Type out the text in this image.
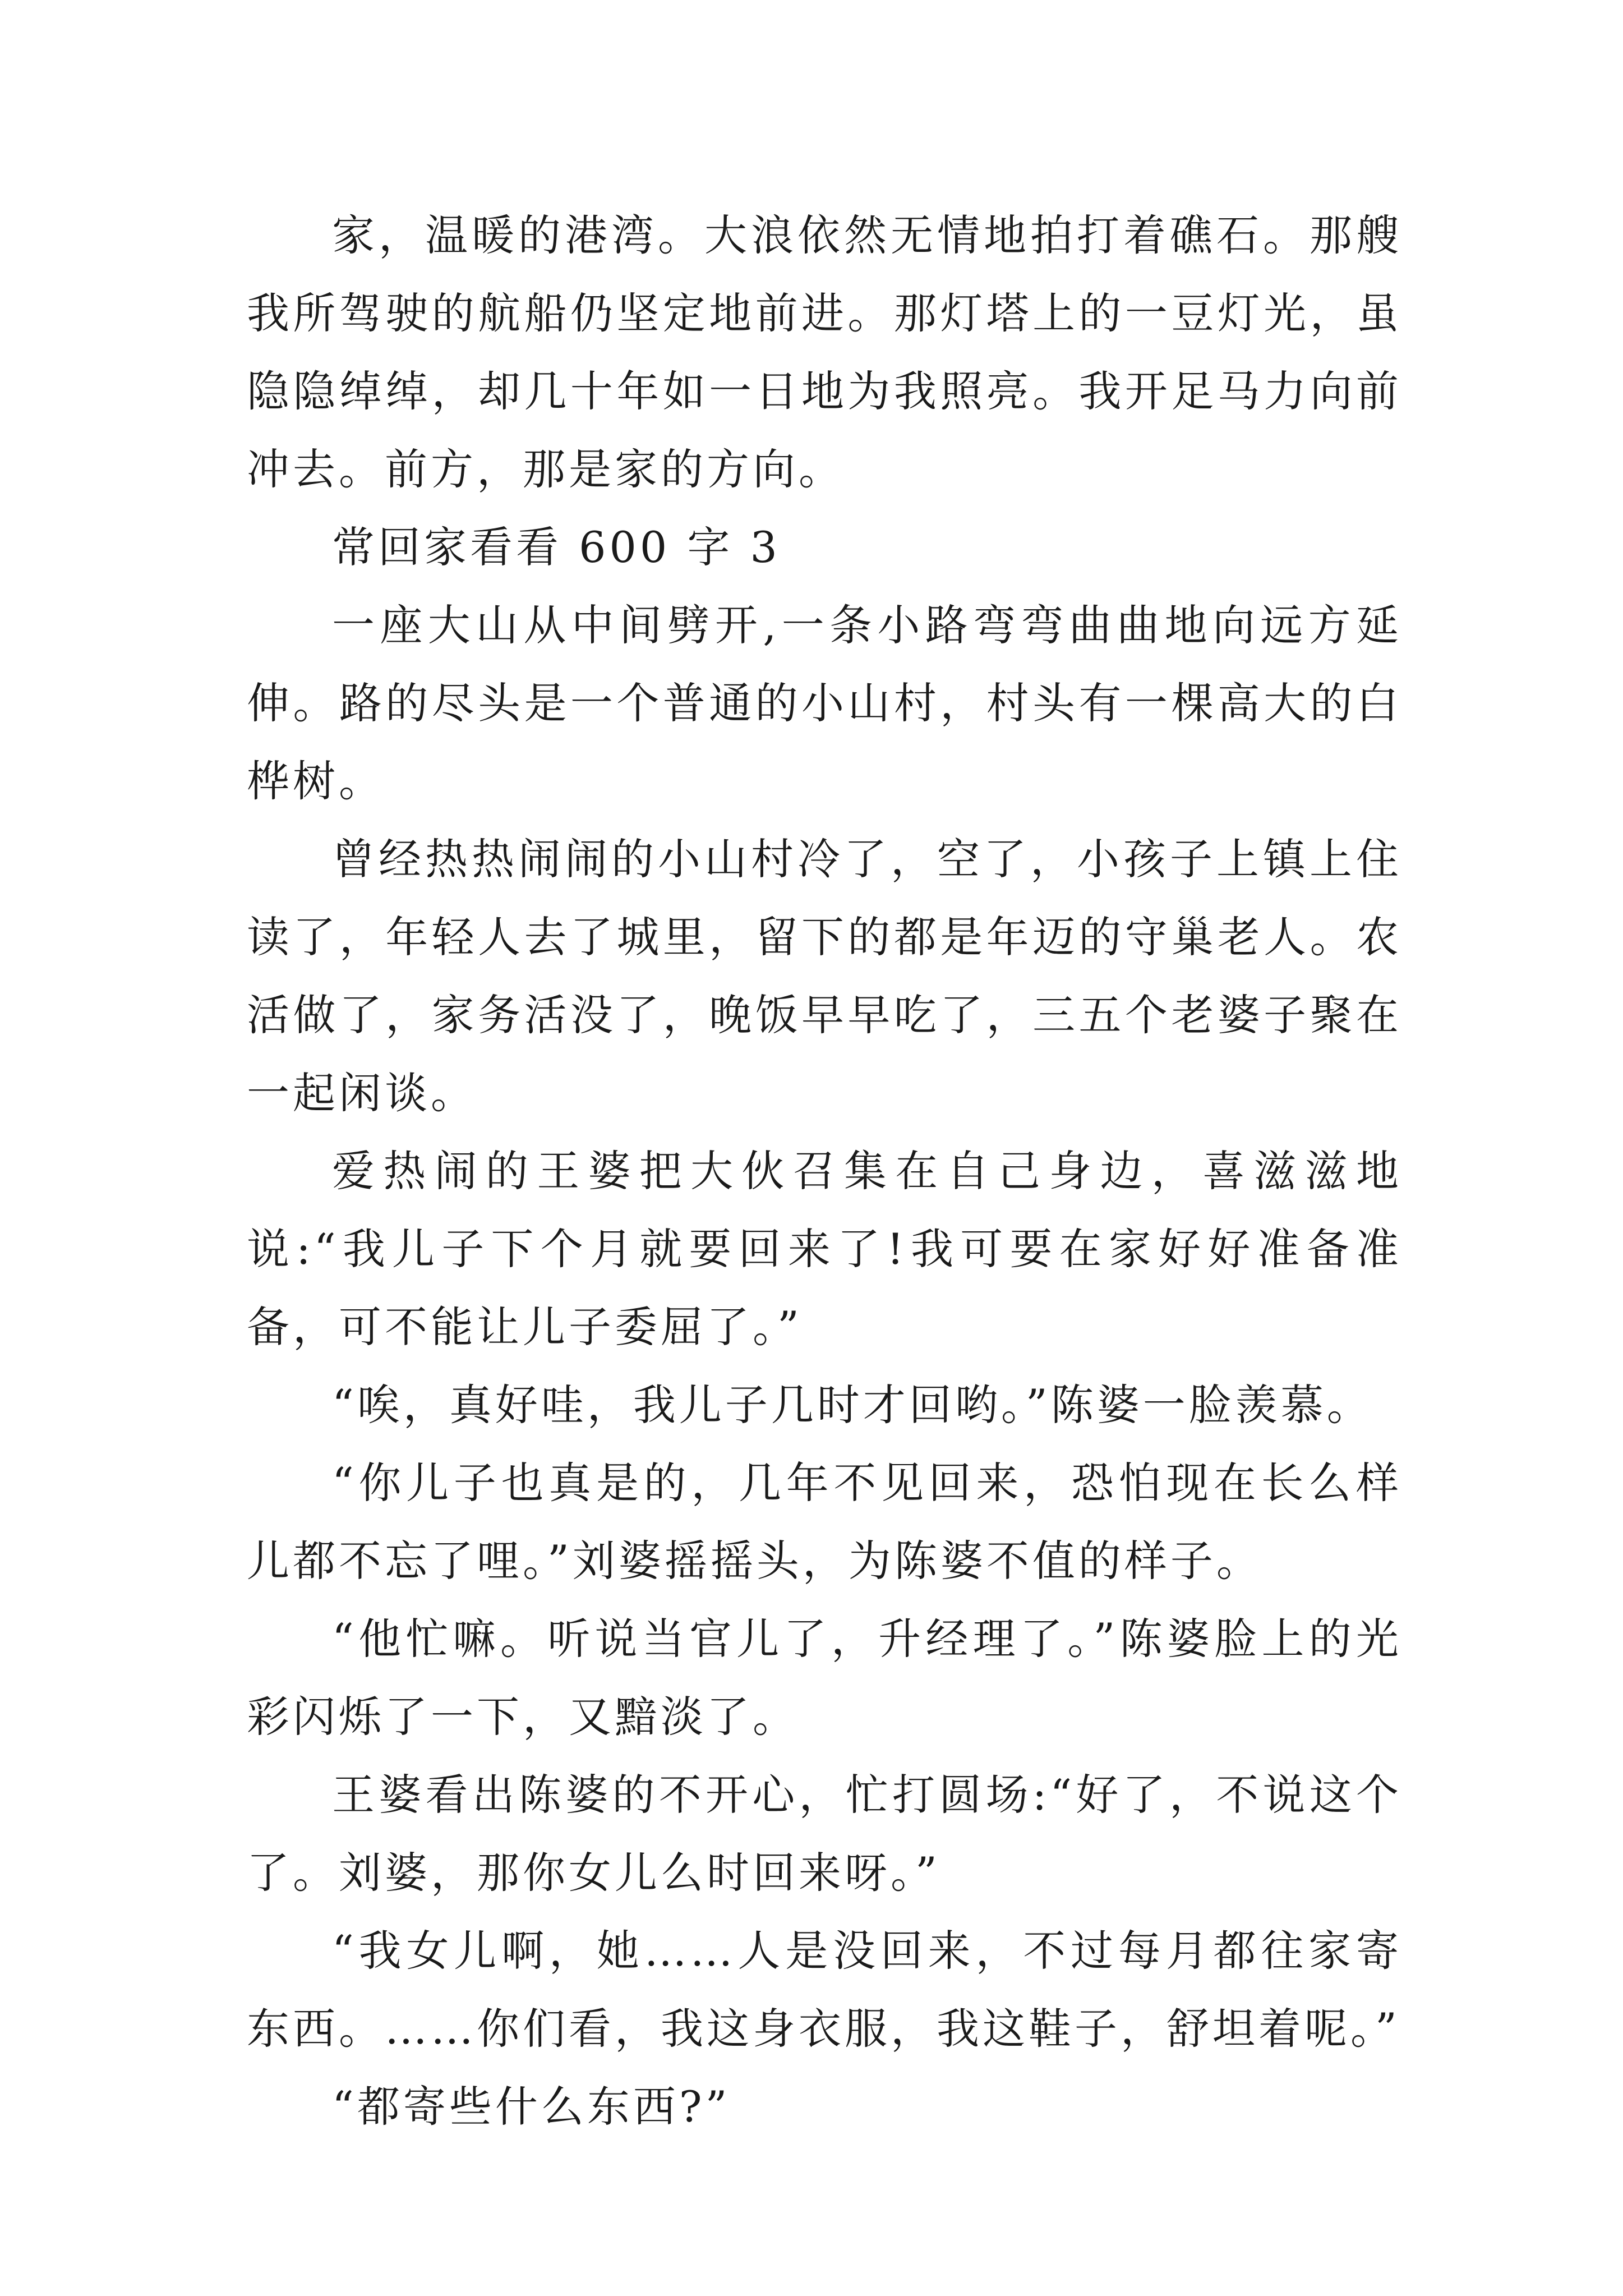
家，温暖的港湾。大浪依然无情地拍打着礁石。那艘我所驾驶的航船仍坚定地前进。那灯塔上的一豆灯光，虽隐隐绰绰，却几十年如一日地为我照亮。我开足马力向前冲去。前方，那是家的方向。

常回家看看 600 字 3

一座大山从中间劈开,一条小路弯弯曲曲地向远方延伸。路的尽头是一个普通的小山村，村头有一棵高大的白桦树。

曾经热热闹闹的小山村冷了，空了，小孩子上镇上住读了，年轻人去了城里，留下的都是年迈的守巢老人。农活做了，家务活没了，晚饭早早吃了，三五个老婆子聚在一起闲谈。

爱热闹的王婆把大伙召集在自己身边，喜滋滋地说:“我儿子下个月就要回来了!我可要在家好好准备准备，可不能让儿子委屈了。”

“唉，真好哇，我儿子几时才回哟。”陈婆一脸羡慕。

“你儿子也真是的，几年不见回来，恐怕现在长么样儿都不忘了哩。”刘婆摇摇头，为陈婆不值的样子。

“他忙嘛。听说当官儿了，升经理了。”陈婆脸上的光彩闪烁了一下，又黯淡了。

王婆看出陈婆的不开心，忙打圆场:“好了，不说这个了。刘婆，那你女儿么时回来呀。”

“我女儿啊，她……人是没回来，不过每月都往家寄东西。……你们看，我这身衣服，我这鞋子，舒坦着呢。”

“都寄些什么东西?”
